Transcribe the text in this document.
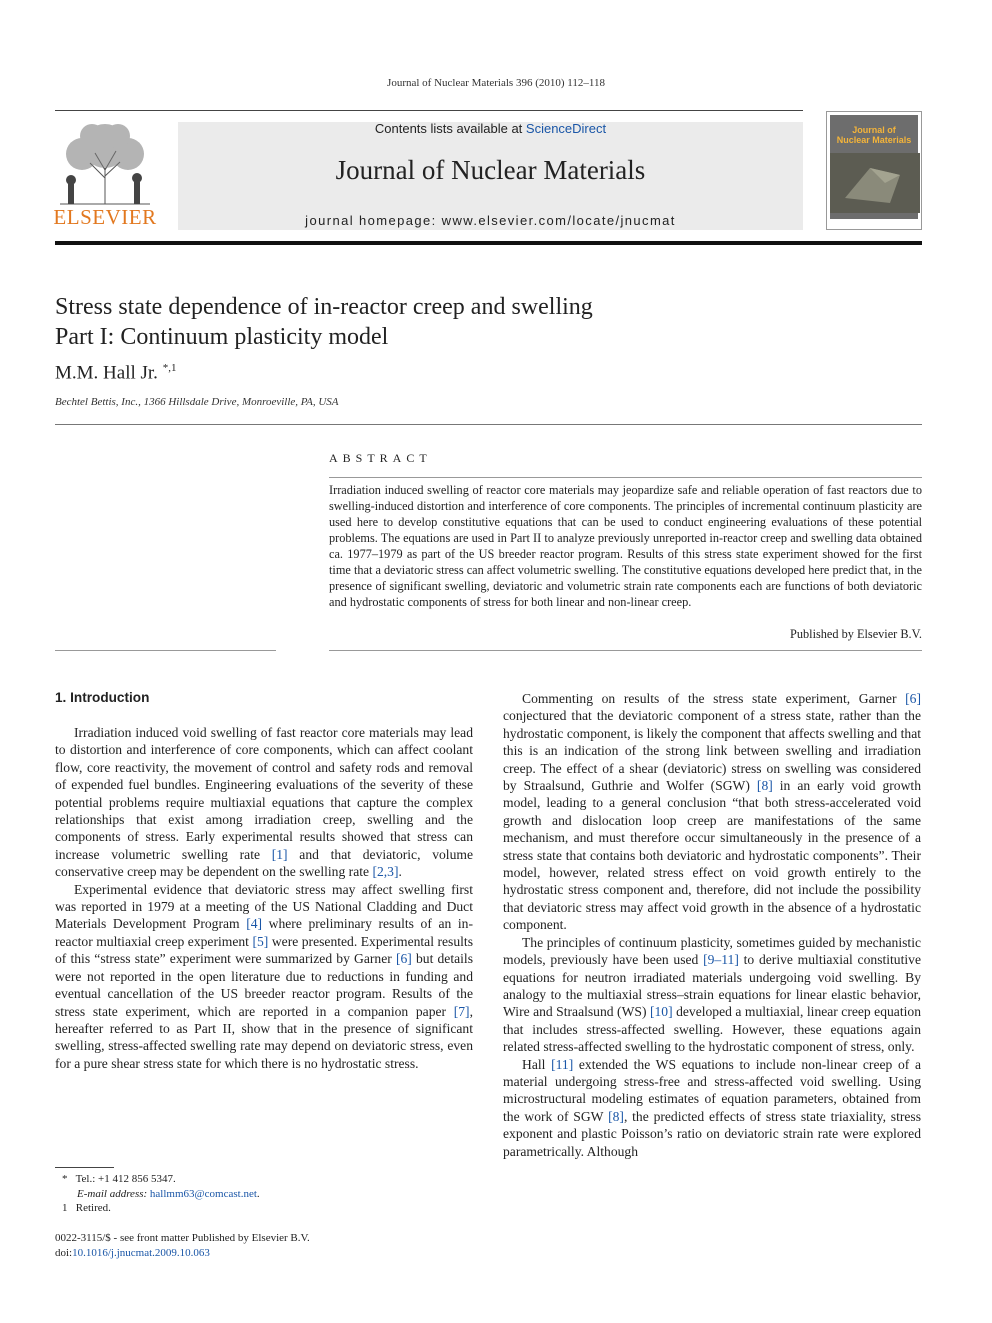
Journal of Nuclear Materials 396 (2010) 112–118
ELSEVIER
Contents lists available at ScienceDirect
Journal of Nuclear Materials
journal homepage: www.elsevier.com/locate/jnucmat
Journal of
Nuclear Materials
Stress state dependence of in-reactor creep and swelling
Part I: Continuum plasticity model
M.M. Hall Jr. $^{*,1}$
Bechtel Bettis, Inc., 1366 Hillsdale Drive, Monroeville, PA, USA
ABSTRACT
Irradiation induced swelling of reactor core materials may jeopardize safe and reliable operation of fast reactors due to swelling-induced distortion and interference of core components. The principles of incremental continuum plasticity are used here to develop constitutive equations that can be used to conduct engineering evaluations of these potential problems. The equations are used in Part II to analyze previously unreported in-reactor creep and swelling data obtained ca. 1977–1979 as part of the US breeder reactor program. Results of this stress state experiment showed for the first time that a deviatoric stress can affect volumetric swelling. The constitutive equations developed here predict that, in the presence of significant swelling, deviatoric and volumetric strain rate components each are functions of both deviatoric and hydrostatic components of stress for both linear and non-linear creep.
Published by Elsevier B.V.
1. Introduction

Irradiation induced void swelling of fast reactor core materials may lead to distortion and interference of core components, which can affect coolant flow, core reactivity, the movement of control and safety rods and removal of expended fuel bundles. Engineering evaluations of the severity of these potential problems require multiaxial equations that capture the complex relationships that exist among irradiation creep, swelling and the components of stress. Early experimental results showed that stress can increase volumetric swelling rate [1] and that deviatoric, volume conservative creep may be dependent on the swelling rate [2,3].

Experimental evidence that deviatoric stress may affect swelling first was reported in 1979 at a meeting of the US National Cladding and Duct Materials Development Program [4] where preliminary results of an in-reactor multiaxial creep experiment [5] were presented. Experimental results of this “stress state” experiment were summarized by Garner [6] but details were not reported in the open literature due to reductions in funding and eventual cancellation of the US breeder reactor program. Results of the stress state experiment, which are reported in a companion paper [7], hereafter referred to as Part II, show that in the presence of significant swelling, stress-affected swelling rate may depend on deviatoric stress, even for a pure shear stress state for which there is no hydrostatic stress.

Commenting on results of the stress state experiment, Garner [6] conjectured that the deviatoric component of a stress state, rather than the hydrostatic component, is likely the component that affects swelling and that this is an indication of the strong link between swelling and irradiation creep. The effect of a shear (deviatoric) stress on swelling was considered by Straalsund, Guthrie and Wolfer (SGW) [8] in an early void growth model, leading to a general conclusion “that both stress-accelerated void growth and dislocation loop creep are manifestations of the same mechanism, and must therefore occur simultaneously in the presence of a stress state that contains both deviatoric and hydrostatic components”. Their model, however, related stress effect on void growth entirely to the hydrostatic stress component and, therefore, did not include the possibility that deviatoric stress may affect void growth in the absence of a hydrostatic component.

The principles of continuum plasticity, sometimes guided by mechanistic models, previously have been used [9–11] to derive multiaxial constitutive equations for neutron irradiated materials undergoing void swelling. By analogy to the multiaxial stress–strain equations for linear elastic behavior, Wire and Straalsund (WS) [10] developed a multiaxial, linear creep equation that includes stress-affected swelling. However, these equations again related stress-affected swelling to the hydrostatic component of stress, only.

Hall [11] extended the WS equations to include non-linear creep of a material undergoing stress-free and stress-affected void swelling. Using microstructural modeling estimates of equation parameters, obtained from the work of SGW [8], the predicted effects of stress state triaxiality, stress exponent and plastic Poisson’s ratio on deviatoric strain rate were explored parametrically. Although

* Tel.: +1 412 856 5347.
E-mail address: hallmm63@comcast.net.
1 Retired.
0022-3115/$ - see front matter Published by Elsevier B.V.
doi:10.1016/j.jnucmat.2009.10.063
